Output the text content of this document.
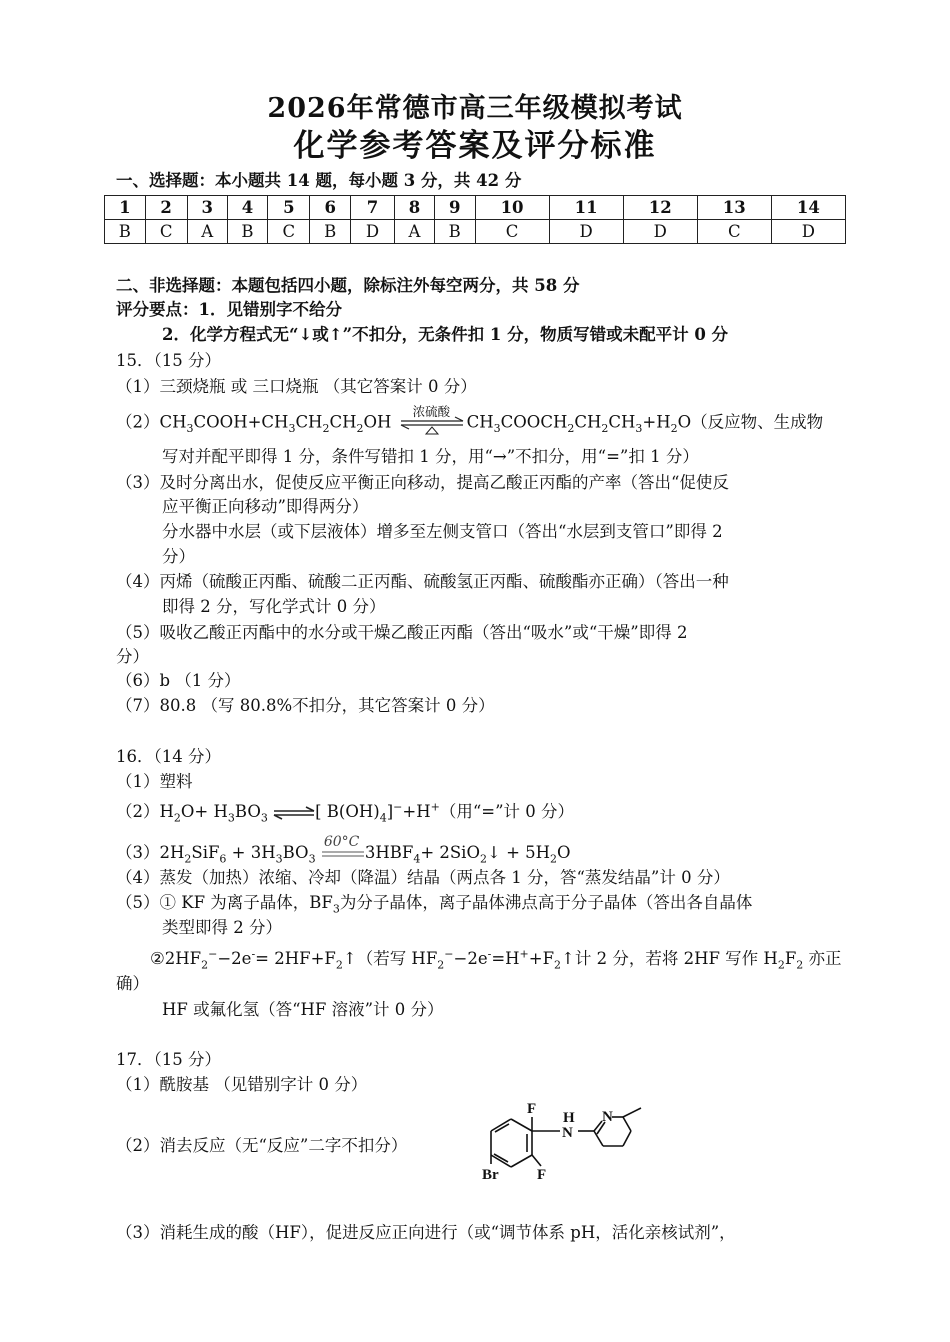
2026年常德市高三年级模拟考试
化学参考答案及评分标准
一、选择题：本小题共 14 题，每小题 3 分，共 42 分
1	2	3	4	5	6	7	8	9	10	11	12	13	14
B	C	A	B	C	B	D	A	B	C	D	D	C	D
二、非选择题：本题包括四小题，除标注外每空两分，共 58 分
评分要点：1．见错别字不给分
2．化学方程式无“↓或↑”不扣分，无条件扣 1 分，物质写错或未配平计 0 分
15．（15 分）
（1）三颈烧瓶 或 三口烧瓶 （其它答案计 0 分）
$(2)CH_3COOH+CH_3CH_2CH_2OH$
浓硫酸
$CH_3COOCH_2CH_2CH_3+H_2O$（反应物、生成物
写对并配平即得 1 分，条件写错扣 1 分，用“→”不扣分，用“=”扣 1 分）
（3）及时分离出水，促使反应平衡正向移动，提高乙酸正丙酯的产率（答出“促使反
应平衡正向移动”即得两分）
分水器中水层（或下层液体）增多至左侧支管口（答出“水层到支管口”即得 2
分）
（4）丙烯（硫酸正丙酯、硫酸二正丙酯、硫酸氢正丙酯、硫酸酯亦正确）（答出一种
即得 2 分，写化学式计 0 分）
（5）吸收乙酸正丙酯中的水分或干燥乙酸正丙酯（答出“吸水”或“干燥”即得 2
分）
（6）b （1 分）
（7）80.8 （写 80.8%不扣分，其它答案计 0 分）
16．（14 分）
（1）塑料
$(2)H_2O+ H_3BO_3$ ⇌[ $B(OH)_4]^-+H^+$（用“=”计 0 分）
$(3)2H_2SiF_6 + 3H_3BO_3$
60°C
$3HBF_4+$ 2SiO$_2$↓ + $5H_2O$
（4）蒸发（加热）浓缩、冷却（降温）结晶（两点各 1 分，答“蒸发结晶”计 0 分）
（5）① KF 为离子晶体，$BF_3$为分子晶体，离子晶体沸点高于分子晶体（答出各自晶体
类型即得 2 分）
$②2HF_2^--2e^-=$ $2HF+F_2↑$（若写 $HF_2^--2e^-=H^++F_2↑$计 2 分，若将 2HF 写作 $H_2F_2$ 亦正
确）
HF 或氟化氢（答“HF 溶液”计 0 分）
17．（15 分）
（1）酰胺基 （见错别字计 0 分）
（2）消去反应（无“反应”二字不扣分）
F
H
N
N
Br	F
（3）消耗生成的酸（HF），促进反应正向进行（或“调节体系 pH，活化亲核试剂”，
